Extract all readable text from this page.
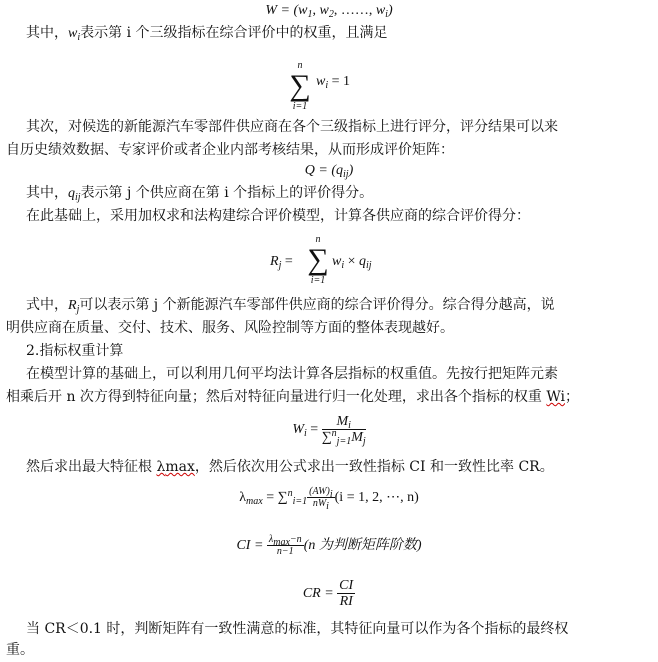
$W = (w_1$, $w_2$, ……, $w_i$)
其中，$w_i$表示第 i 个三级指标在综合评价中的权重，且满足
n
∑
i=1
$w_i = 1$
其次，对候选的新能源汽车零部件供应商在各个三级指标上进行评分，评分结果可以来
自历史绩效数据、专家评价或者企业内部考核结果，从而形成评价矩阵：
$Q = (q_{ij})$
其中，$q_{ij}$表示第 j 个供应商在第 i 个指标上的评价得分。
在此基础上，采用加权求和法构建综合评价模型，计算各供应商的综合评价得分：
$R_j$ =
n
∑
i=1
$w_i \times q_{ij}$
式中，$R_j$可以表示第 j 个新能源汽车零部件供应商的综合评价得分。综合得分越高，说
明供应商在质量、交付、技术、服务、风险控制等方面的整体表现越好。
2.指标权重计算
在模型计算的基础上，可以利用几何平均法计算各层指标的权重值。先按行把矩阵元素
相乘后开 n 次方得到特征向量；然后对特征向量进行归一化处理，求出各个指标的权重 Wi；
$W_i = \frac{M_i}{\sum^n_{j=1}M_j}$
然后求出最大特征根 λmax，然后依次用公式求出一致性指标 CI 和一致性比率 CR。
$\lambda_{max} = \sum^n_{i=1} \frac{(AW)_i}{nW_i} (i = 1$, 2, ⋯, n)
CI = $\frac{\lambda_{max}-n}{n-1} (n$ 为判断矩阵阶数)
CR = $\frac{CI}{RI}$
当 CR＜0.1 时，判断矩阵有一致性满意的标准，其特征向量可以作为各个指标的最终权
重。
